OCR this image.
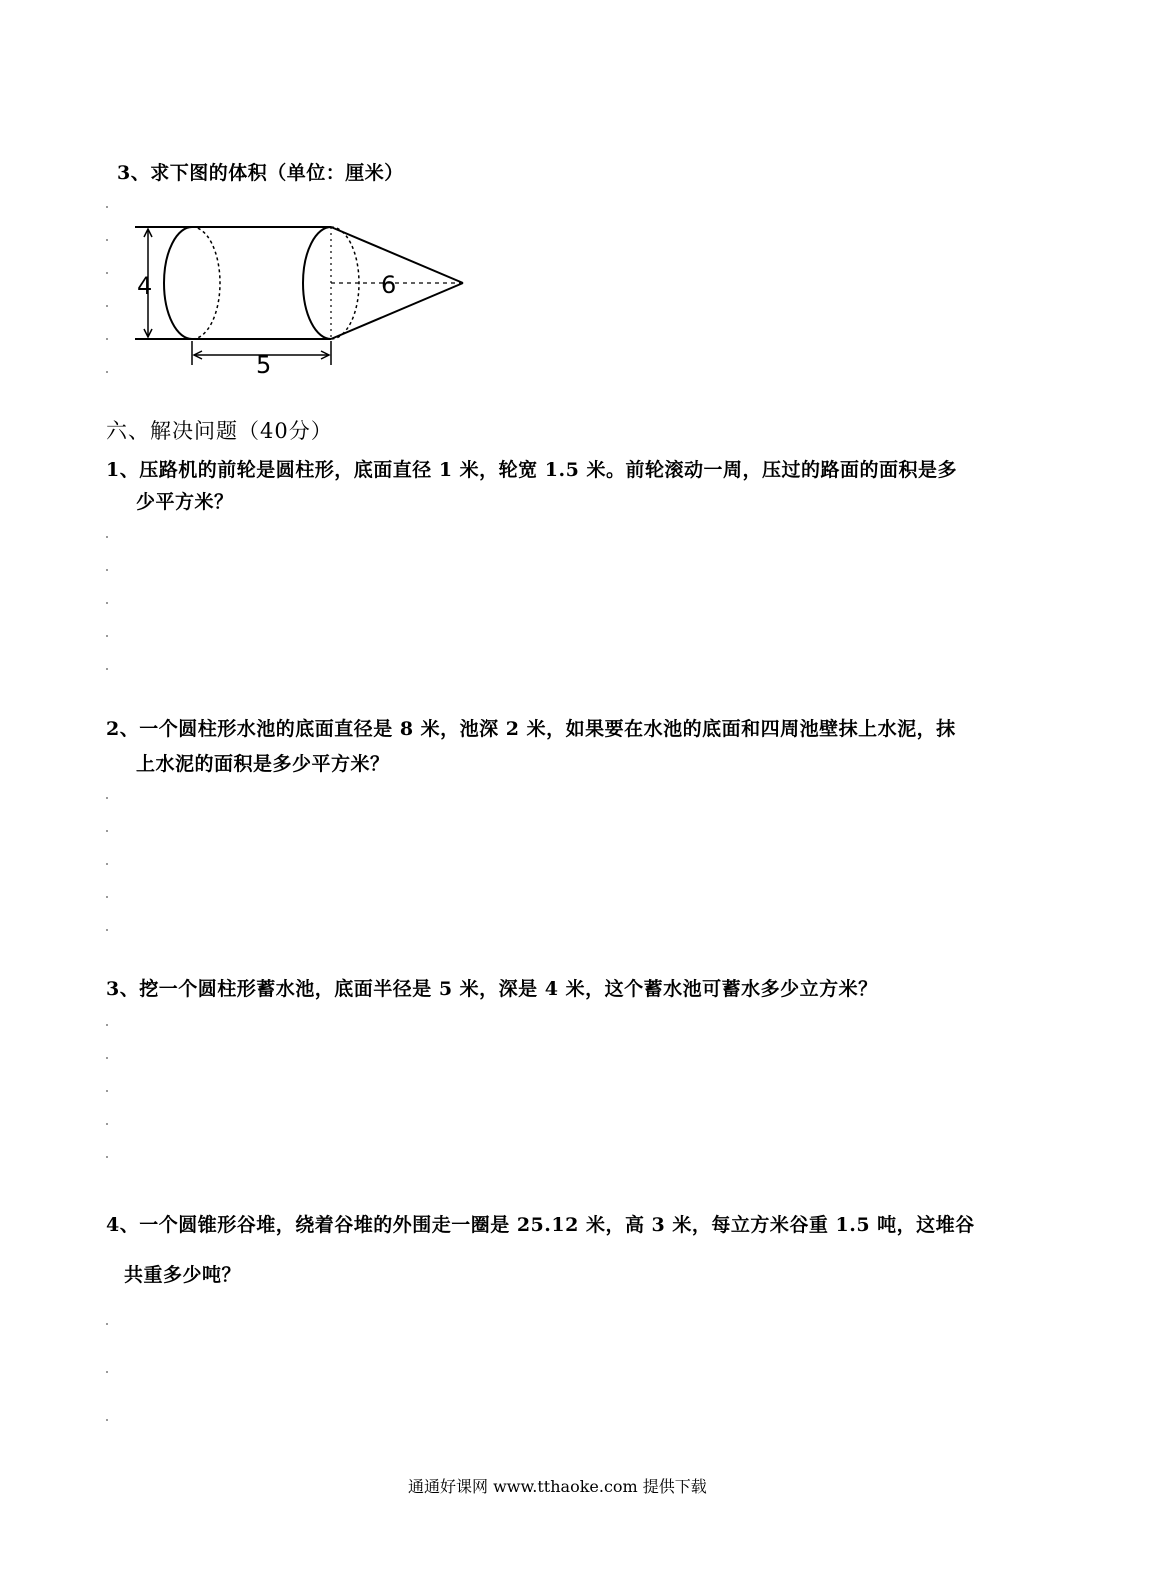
3、求下图的体积（单位：厘米）
4	6
5
六、解决问题（40分）
1、压路机的前轮是圆柱形，底面直径 1 米，轮宽 1.5 米。前轮滚动一周，压过的路面的面积是多
少平方米？
2、一个圆柱形水池的底面直径是 8 米，池深 2 米，如果要在水池的底面和四周池壁抹上水泥，抹
上水泥的面积是多少平方米？
3、挖一个圆柱形蓄水池，底面半径是 5 米，深是 4 米，这个蓄水池可蓄水多少立方米？
4、一个圆锥形谷堆，绕着谷堆的外围走一圈是 25.12 米，高 3 米，每立方米谷重 1.5 吨，这堆谷
共重多少吨？
通通好课网 www.tthaoke.com 提供下载
